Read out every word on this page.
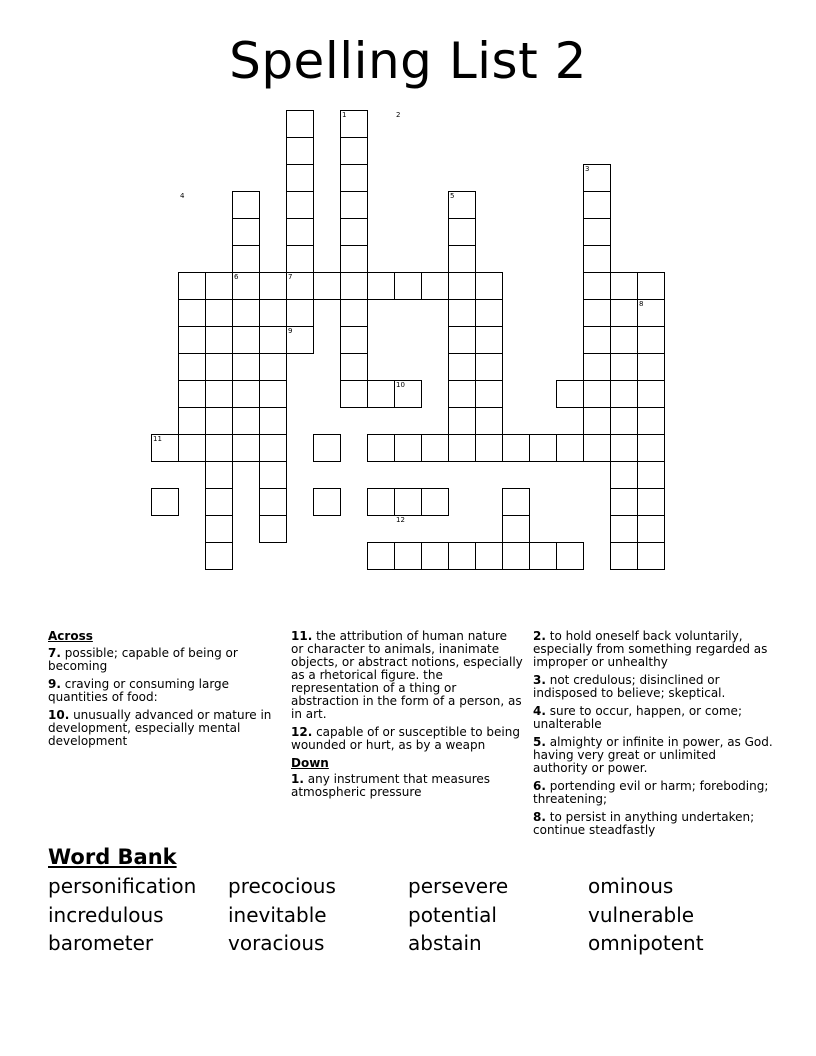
Spelling List 2
1	2
3
4	5
6	7
8
9
10
11
12
Across
7. possible; capable of being or becoming
9. craving or consuming large quantities of food:
10. unusually advanced or mature in development, especially mental development
11. the attribution of human nature or character to animals, inanimate objects, or abstract notions, especially as a rhetorical figure. the representation of a thing or abstraction in the form of a person, as in art.
12. capable of or susceptible to being wounded or hurt, as by a weapn
Down
1. any instrument that measures atmospheric pressure
2. to hold oneself back voluntarily, especially from something regarded as improper or unhealthy
3. not credulous; disinclined or indisposed to believe; skeptical.
4. sure to occur, happen, or come; unalterable
5. almighty or infinite in power, as God. having very great or unlimited authority or power.
6. portending evil or harm; foreboding; threatening;
8. to persist in anything undertaken; continue steadfastly
Word Bank
personification precocious	persevere	ominous
incredulous	inevitable	potential	vulnerable
barometer	voracious	abstain	omnipotent
